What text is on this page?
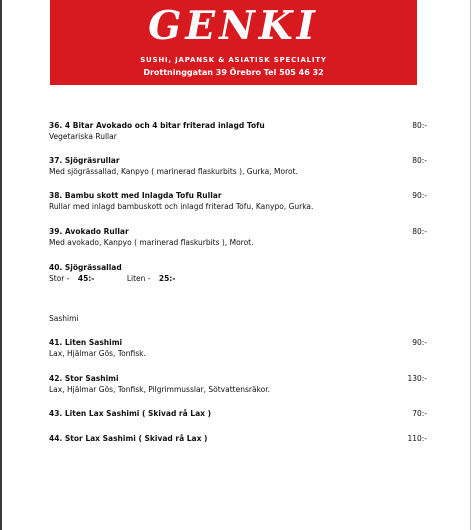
GENKI
SUSHI, JAPANSK & ASIATISK SPECIALITY
Drottninggatan 39 Örebro Tel 505 46 32
36. 4 Bitar Avokado och 4 bitar friterad inlagd Tofu	80:-
Vegetariska Rullar
37. Sjögräsrullar	80:-
Med sjögrässallad, Kanpyo ( marinerad flaskurbits ), Gurka, Morot.
38. Bambu skott med Inlagda Tofu Rullar	90:-
Rullar med inlagd bambuskott och inlagd friterad Tofu, Kanypo, Gurka.
39. Avokado Rullar	80:-
Med avokado, Kanpyo ( marinerad flaskurbits ), Morot.
40. Sjögrässallad
Stor - 45:-	Liten - 25:-
Sashimi
41. Liten Sashimi	90:-
Lax, Hjälmar Gös, Tonfisk.
42. Stor Sashimi	130:-
Lax, Hjälmar Gös, Tonfisk, Pilgrimmusslar, Sötvattensräkor.
43. Liten Lax Sashimi ( Skivad rå Lax )	70:-
44. Stor Lax Sashimi ( Skivad rå Lax )	110:-
